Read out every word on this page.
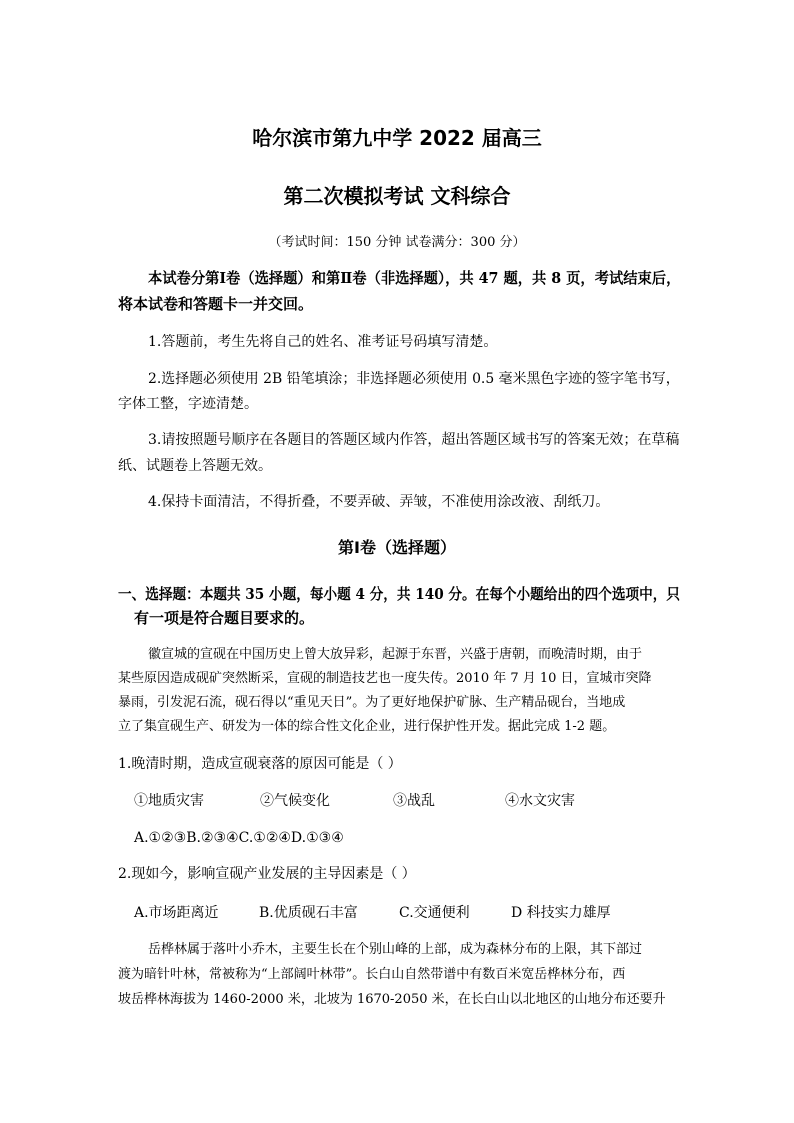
哈尔滨市第九中学 2022 届高三
第二次模拟考试 文科综合
（考试时间：150 分钟 试卷满分：300 分）
本试卷分第Ⅰ卷（选择题）和第Ⅱ卷（非选择题），共 47 题，共 8 页，考试结束后，
将本试卷和答题卡一并交回。
1.答题前，考生先将自己的姓名、准考证号码填写清楚。
2.选择题必须使用 2B 铅笔填涂；非选择题必须使用 0.5 毫米黑色字迹的签字笔书写，
字体工整，字迹清楚。
3.请按照题号顺序在各题目的答题区域内作答，超出答题区域书写的答案无效；在草稿
纸、试题卷上答题无效。
4.保持卡面清洁，不得折叠，不要弄破、弄皱，不准使用涂改液、刮纸刀。
第Ⅰ卷（选择题）
一、选择题：本题共 35 小题，每小题 4 分，共 140 分。在每个小题给出的四个选项中，只
有一项是符合题目要求的。
徽宣城的宣砚在中国历史上曾大放异彩，起源于东晋，兴盛于唐朝，而晚清时期，由于
某些原因造成砚矿突然断采，宣砚的制造技艺也一度失传。2010 年 7 月 10 日，宣城市突降
暴雨，引发泥石流，砚石得以“重见天日”。为了更好地保护矿脉、生产精品砚台，当地成
立了集宣砚生产、研发为一体的综合性文化企业，进行保护性开发。据此完成 1-2 题。
1.晚清时期，造成宣砚衰落的原因可能是（ ）
①地质灾害	②气候变化	③战乱	④水文灾害
A.①②③B.②③④C.①②④D.①③④
2.现如今，影响宣砚产业发展的主导因素是（ ）
A.市场距离近	B.优质砚石丰富	C.交通便利	D 科技实力雄厚
岳桦林属于落叶小乔木，主要生长在个别山峰的上部，成为森林分布的上限，其下部过
渡为暗针叶林，常被称为“上部阔叶林带”。长白山自然带谱中有数百米宽岳桦林分布，西
坡岳桦林海拔为 1460-2000 米，北坡为 1670-2050 米，在长白山以北地区的山地分布还要升
